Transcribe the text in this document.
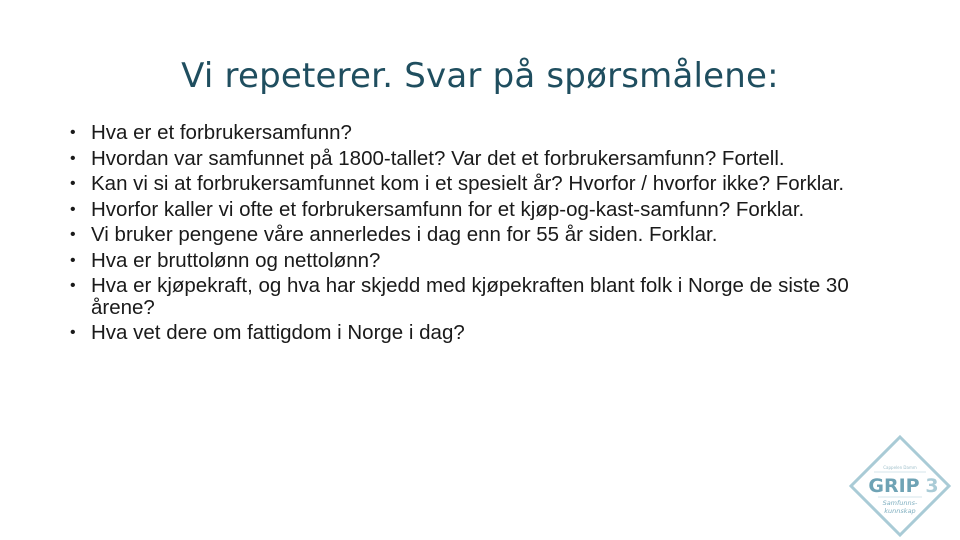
Vi repeterer. Svar på spørsmålene:
• Hva er et forbrukersamfunn?
• Hvordan var samfunnet på 1800-tallet? Var det et forbrukersamfunn? Fortell.
• Kan vi si at forbrukersamfunnet kom i et spesielt år? Hvorfor / hvorfor ikke? Forklar.
• Hvorfor kaller vi ofte et forbrukersamfunn for et kjøp-og-kast-samfunn? Forklar.
• Vi bruker pengene våre annerledes i dag enn for 55 år siden. Forklar.
• Hva er bruttolønn og nettolønn?
• Hva er kjøpekraft, og hva har skjedd med kjøpekraften blant folk i Norge de siste 30 årene?
• Hva vet dere om fattigdom i Norge i dag?
Cappelen Damm
GRIP 3
Samfunns-
kunnskap
